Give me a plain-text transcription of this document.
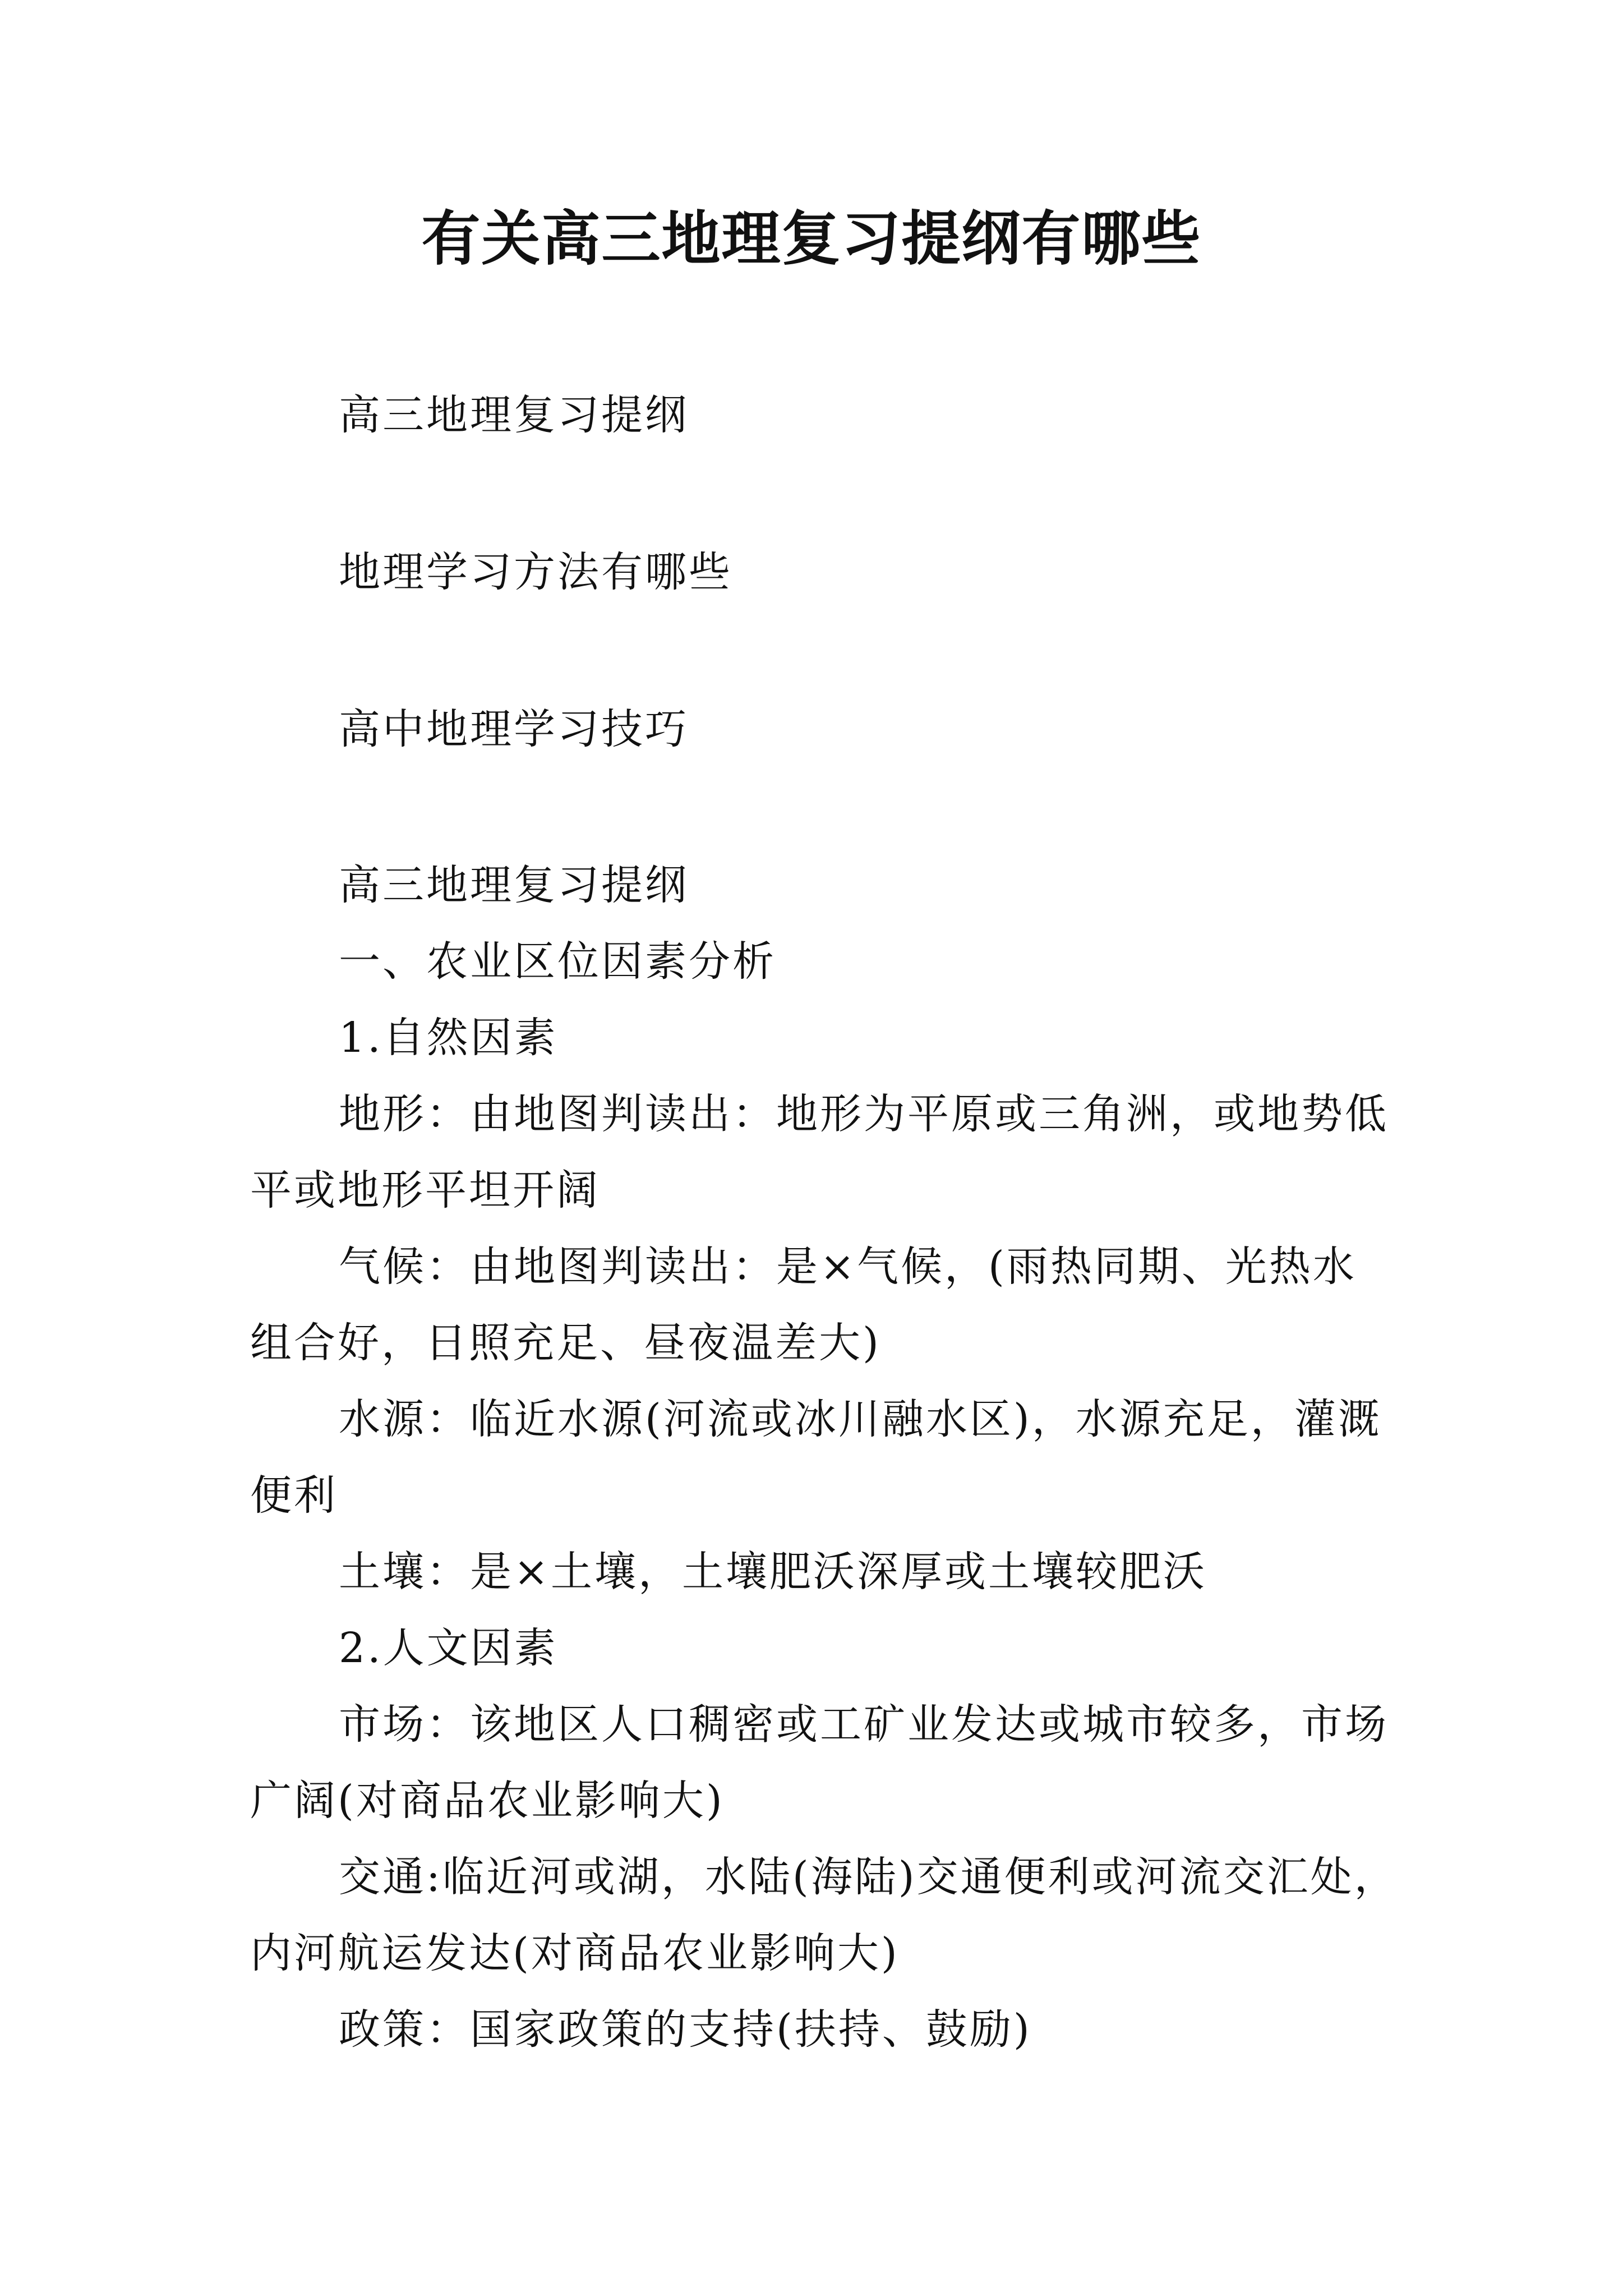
有关高三地理复习提纲有哪些
高三地理复习提纲
地理学习方法有哪些
高中地理学习技巧
高三地理复习提纲
一、农业区位因素分析
1.自然因素
地形：由地图判读出：地形为平原或三角洲，或地势低
平或地形平坦开阔
气候：由地图判读出：是×气候，(雨热同期、光热水
组合好，日照充足、昼夜温差大)
水源：临近水源(河流或冰川融水区)，水源充足，灌溉
便利
土壤：是×土壤，土壤肥沃深厚或土壤较肥沃
2.人文因素
市场：该地区人口稠密或工矿业发达或城市较多，市场
广阔(对商品农业影响大)
交通:临近河或湖，水陆(海陆)交通便利或河流交汇处，
内河航运发达(对商品农业影响大)
政策：国家政策的支持(扶持、鼓励)
